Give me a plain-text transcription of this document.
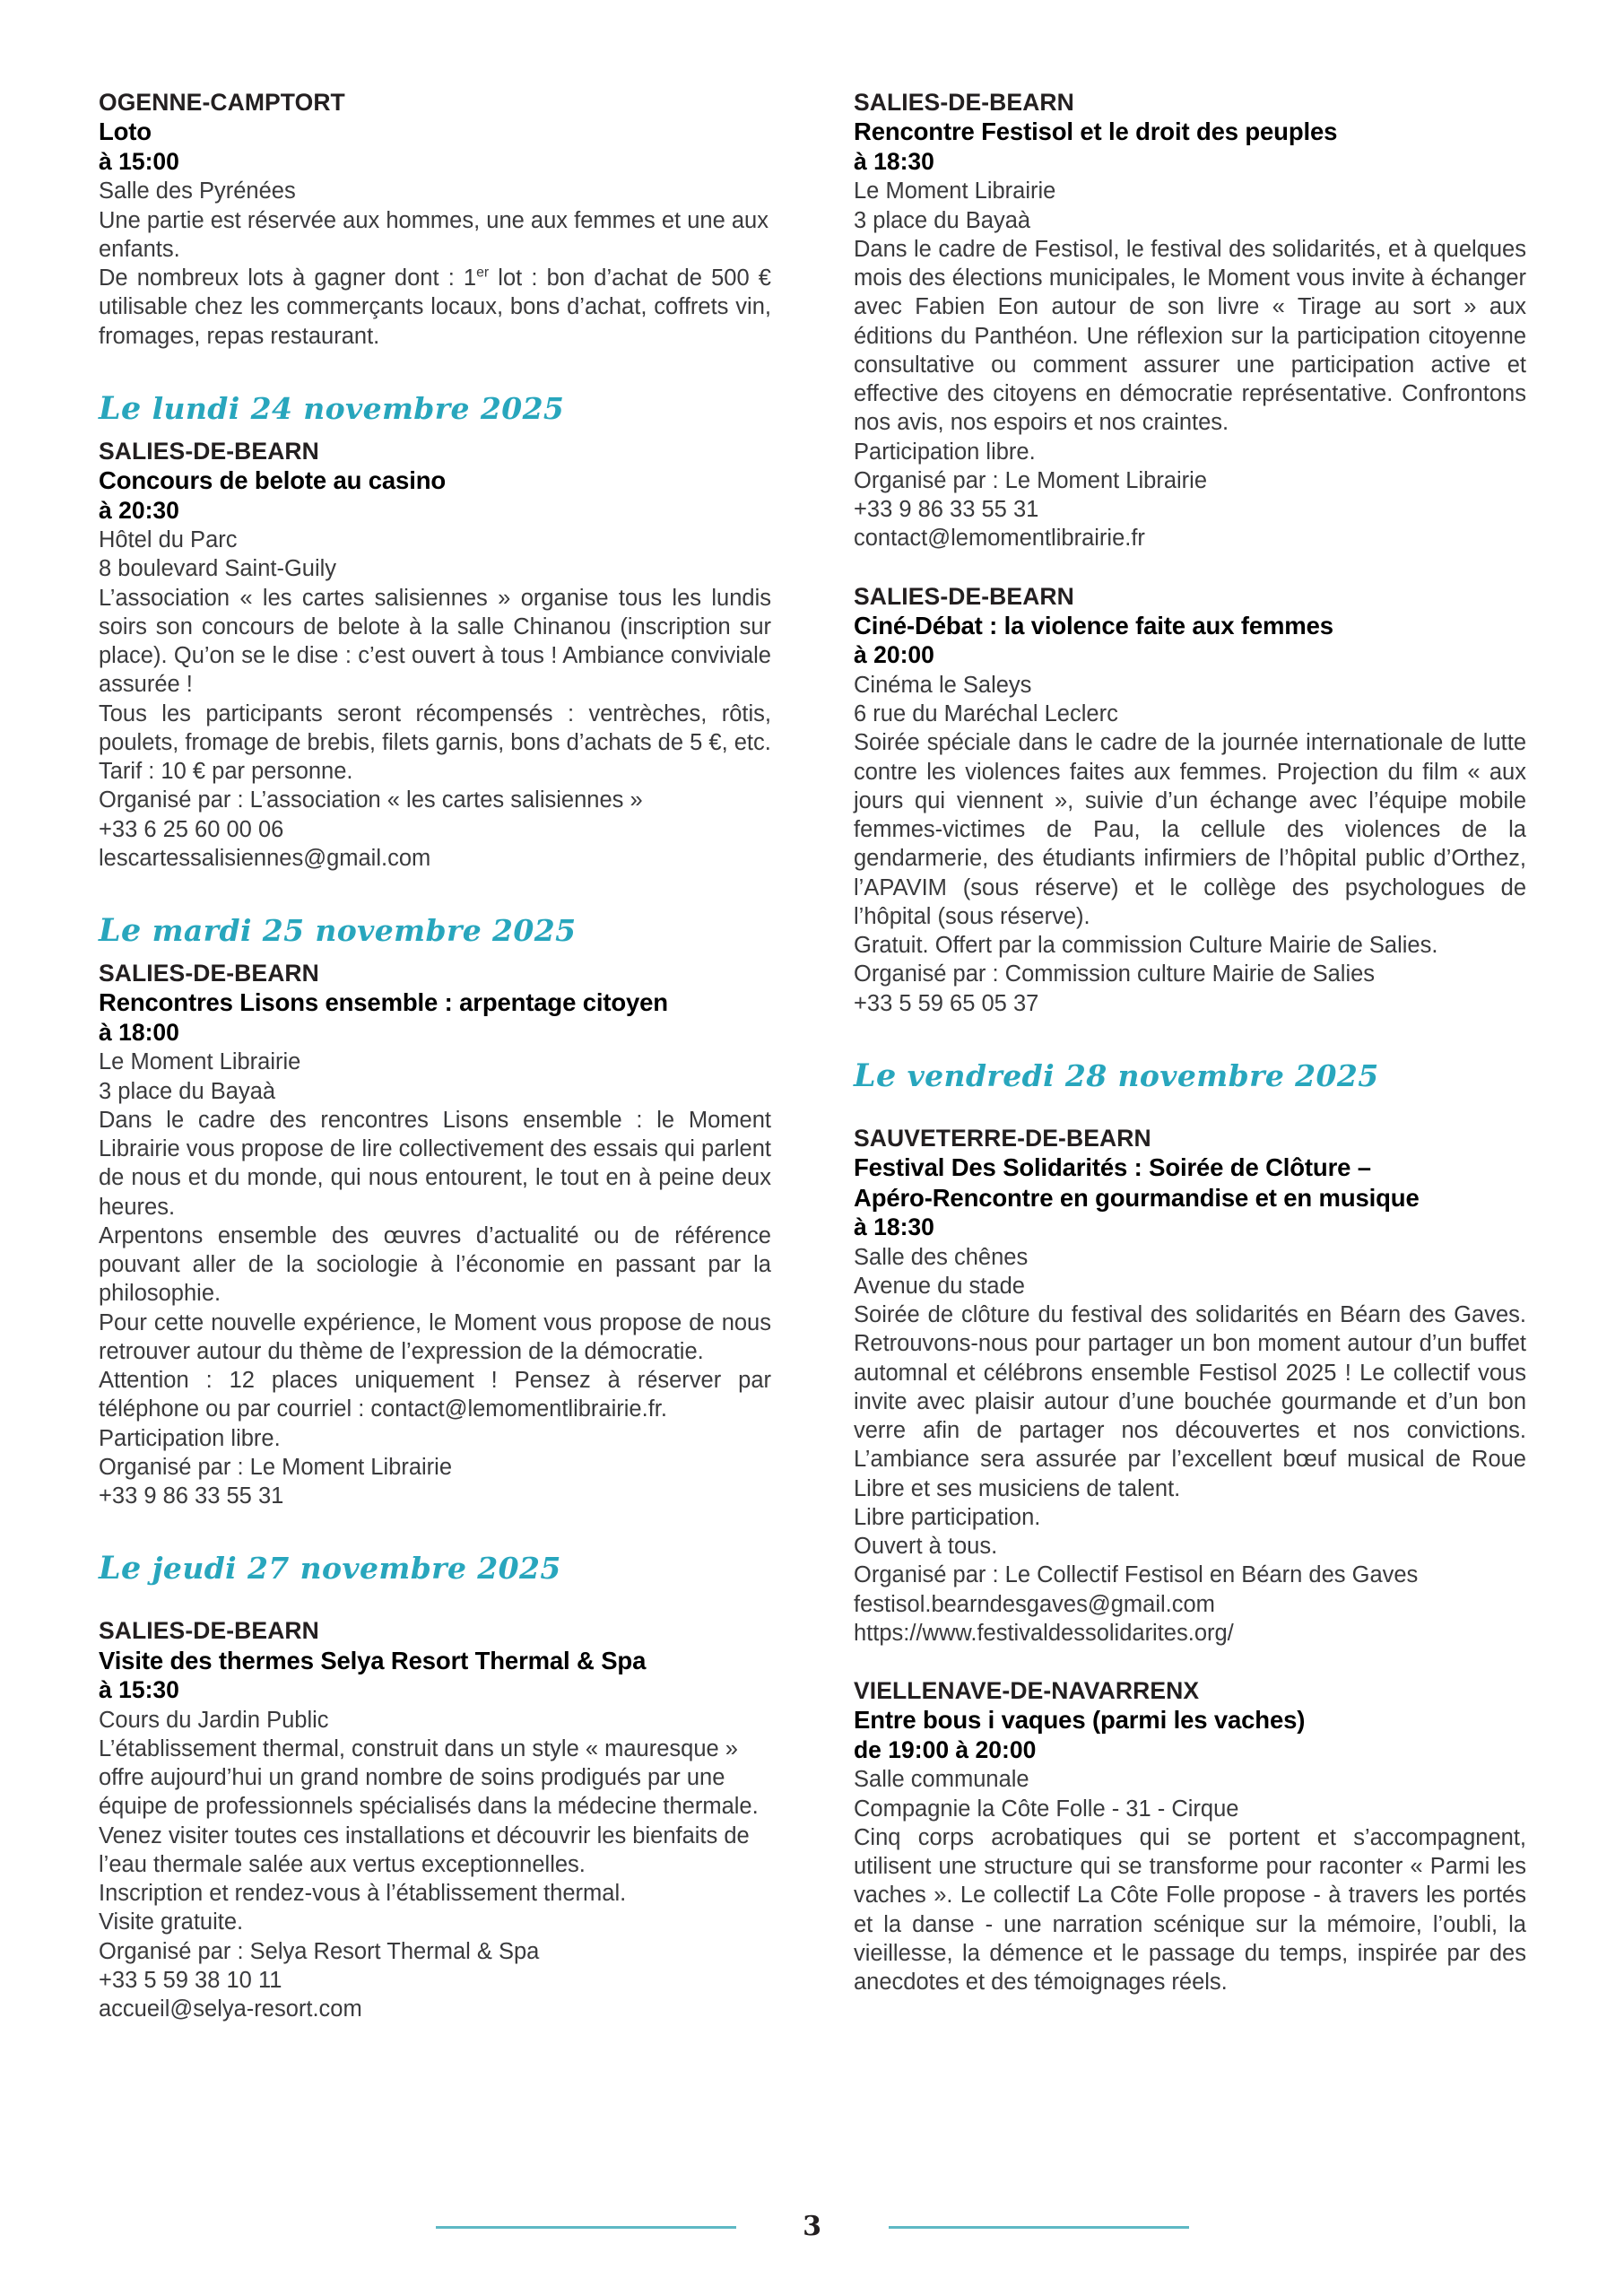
OGENNE-CAMPTORT

Loto

à 15:00

Salle des Pyrénées

Une partie est réservée aux hommes, une aux femmes et une aux enfants.

De nombreux lots à gagner dont : 1er lot : bon d’achat de 500 € utilisable chez les commerçants locaux, bons d’achat, coffrets vin, fromages, repas restaurant.

Le lundi 24 novembre 2025

SALIES-DE-BEARN

Concours de belote au casino

à 20:30

Hôtel du Parc

8 boulevard Saint-Guily

L’association « les cartes salisiennes » organise tous les lundis soirs son concours de belote à la salle Chinanou (inscription sur place). Qu’on se le dise : c’est ouvert à tous ! Ambiance conviviale assurée !

Tous les participants seront récompensés : ventrèches, rôtis, poulets, fromage de brebis, filets garnis, bons d’achats de 5 €, etc.

Tarif : 10 € par personne.

Organisé par : L’association « les cartes salisiennes »

+33 6 25 60 00 06

lescartessalisiennes@gmail.com

Le mardi 25 novembre 2025

SALIES-DE-BEARN

Rencontres Lisons ensemble : arpentage citoyen

à 18:00

Le Moment Librairie

3 place du Bayaà

Dans le cadre des rencontres Lisons ensemble : le Moment Librairie vous propose de lire collectivement des essais qui parlent de nous et du monde, qui nous entourent, le tout en à peine deux heures.

Arpentons ensemble des œuvres d’actualité ou de référence pouvant aller de la sociologie à l’économie en passant par la philosophie.

Pour cette nouvelle expérience, le Moment vous propose de nous retrouver autour du thème de l’expression de la démocratie.

Attention : 12 places uniquement ! Pensez à réserver par téléphone ou par courriel : contact@lemomentlibrairie.fr.

Participation libre.

Organisé par : Le Moment Librairie

+33 9 86 33 55 31

Le jeudi 27 novembre 2025

SALIES-DE-BEARN

Visite des thermes Selya Resort Thermal & Spa

à 15:30

Cours du Jardin Public

L’établissement thermal, construit dans un style « mauresque » offre aujourd’hui un grand nombre de soins prodigués par une équipe de professionnels spécialisés dans la médecine thermale. Venez visiter toutes ces installations et découvrir les bienfaits de l’eau thermale salée aux vertus exceptionnelles.

Inscription et rendez-vous à l’établissement thermal.

Visite gratuite.

Organisé par : Selya Resort Thermal & Spa

+33 5 59 38 10 11

accueil@selya-resort.com

SALIES-DE-BEARN

Rencontre Festisol et le droit des peuples

à 18:30

Le Moment Librairie

3 place du Bayaà

Dans le cadre de Festisol, le festival des solidarités, et à quelques mois des élections municipales, le Moment vous invite à échanger avec Fabien Eon autour de son livre « Tirage au sort » aux éditions du Panthéon. Une réflexion sur la participation citoyenne consultative ou comment assurer une participation active et effective des citoyens en démocratie représentative. Confrontons nos avis, nos espoirs et nos craintes.

Participation libre.

Organisé par : Le Moment Librairie

+33 9 86 33 55 31

contact@lemomentlibrairie.fr

SALIES-DE-BEARN

Ciné-Débat : la violence faite aux femmes

à 20:00

Cinéma le Saleys

6 rue du Maréchal Leclerc

Soirée spéciale dans le cadre de la journée internationale de lutte contre les violences faites aux femmes. Projection du film « aux jours qui viennent », suivie d’un échange avec l’équipe mobile femmes-victimes de Pau, la cellule des violences de la gendarmerie, des étudiants infirmiers de l’hôpital public d’Orthez, l’APAVIM (sous réserve) et le collège des psychologues de l’hôpital (sous réserve).

Gratuit. Offert par la commission Culture Mairie de Salies.

Organisé par : Commission culture Mairie de Salies

+33 5 59 65 05 37

Le vendredi 28 novembre 2025

SAUVETERRE-DE-BEARN

Festival Des Solidarités : Soirée de Clôture –

Apéro-Rencontre en gourmandise et en musique

à 18:30

Salle des chênes

Avenue du stade

Soirée de clôture du festival des solidarités en Béarn des Gaves. Retrouvons-nous pour partager un bon moment autour d’un buffet automnal et célébrons ensemble Festisol 2025 ! Le collectif vous invite avec plaisir autour d’une bouchée gourmande et d’un bon verre afin de partager nos découvertes et nos convictions. L’ambiance sera assurée par l’excellent bœuf musical de Roue Libre et ses musiciens de talent.

Libre participation.

Ouvert à tous.

Organisé par : Le Collectif Festisol en Béarn des Gaves

festisol.bearndesgaves@gmail.com

https://www.festivaldessolidarites.org/

VIELLENAVE-DE-NAVARRENX

Entre bous i vaques (parmi les vaches)

de 19:00 à 20:00

Salle communale

Compagnie la Côte Folle - 31 - Cirque

Cinq corps acrobatiques qui se portent et s’accompagnent, utilisent une structure qui se transforme pour raconter « Parmi les vaches ». Le collectif La Côte Folle propose - à travers les portés et la danse - une narration scénique sur la mémoire, l’oubli, la vieillesse, la démence et le passage du temps, inspirée par des anecdotes et des témoignages réels.

3
